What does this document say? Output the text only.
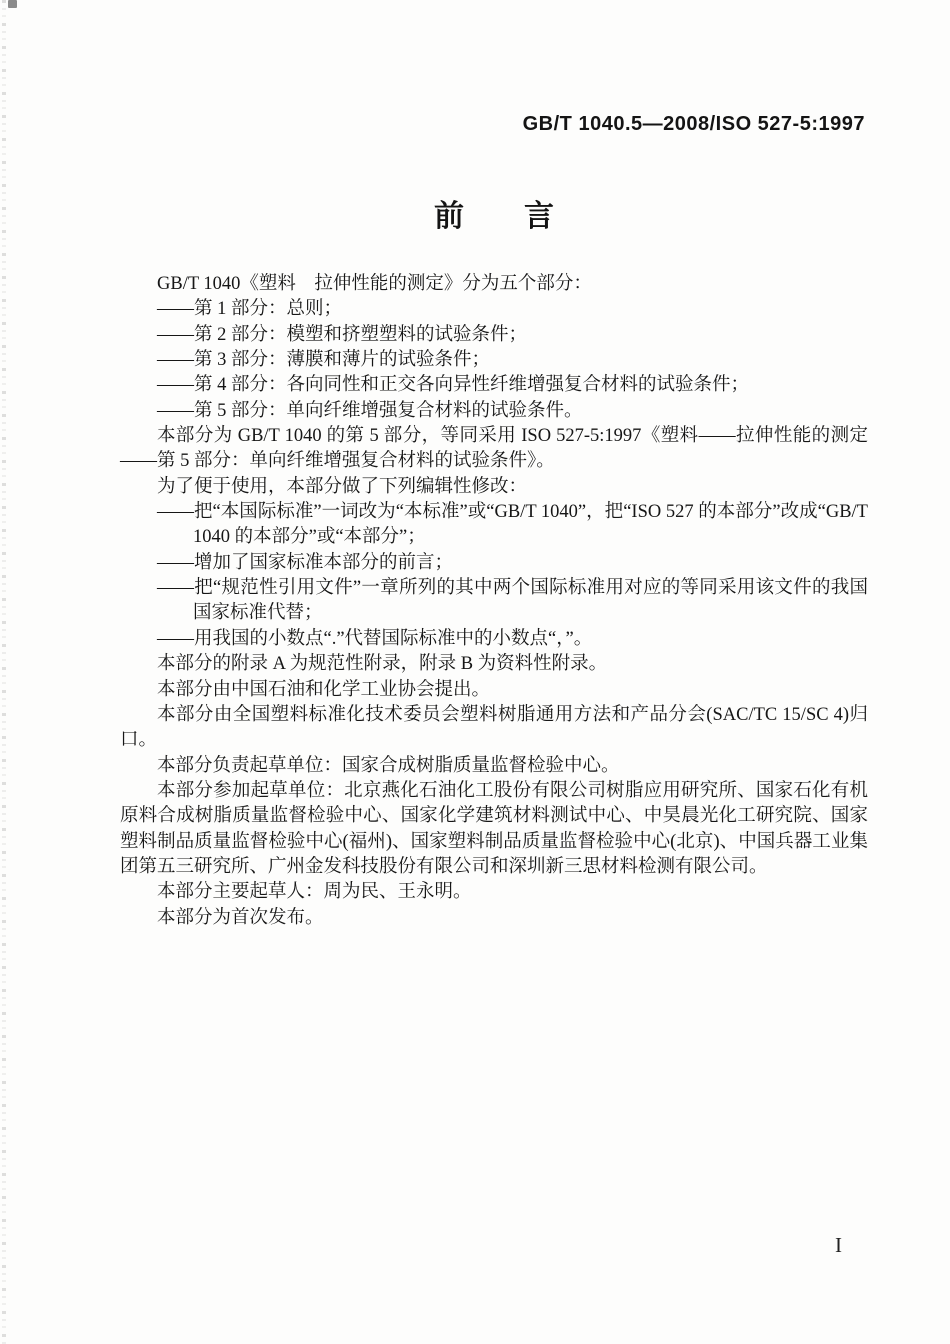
GB/T 1040.5—2008/ISO 527-5:1997
前　　言

GB/T 1040《塑料　拉伸性能的测定》分为五个部分：

——第 1 部分：总则；

——第 2 部分：模塑和挤塑塑料的试验条件；

——第 3 部分：薄膜和薄片的试验条件；

——第 4 部分：各向同性和正交各向异性纤维增强复合材料的试验条件；

——第 5 部分：单向纤维增强复合材料的试验条件。

本部分为 GB/T 1040 的第 5 部分，等同采用 ISO 527-5:1997《塑料——拉伸性能的测定——第 5 部分：单向纤维增强复合材料的试验条件》。

为了便于使用，本部分做了下列编辑性修改：

——把“本国际标准”一词改为“本标准”或“GB/T 1040”，把“ISO 527 的本部分”改成“GB/T 1040 的本部分”或“本部分”；

——增加了国家标准本部分的前言；

——把“规范性引用文件”一章所列的其中两个国际标准用对应的等同采用该文件的我国国家标准代替；

——用我国的小数点“.”代替国际标准中的小数点“，”。

本部分的附录 A 为规范性附录，附录 B 为资料性附录。

本部分由中国石油和化学工业协会提出。

本部分由全国塑料标准化技术委员会塑料树脂通用方法和产品分会(SAC/TC 15/SC 4)归口。

本部分负责起草单位：国家合成树脂质量监督检验中心。

本部分参加起草单位：北京燕化石油化工股份有限公司树脂应用研究所、国家石化有机原料合成树脂质量监督检验中心、国家化学建筑材料测试中心、中昊晨光化工研究院、国家塑料制品质量监督检验中心(福州)、国家塑料制品质量监督检验中心(北京)、中国兵器工业集团第五三研究所、广州金发科技股份有限公司和深圳新三思材料检测有限公司。

本部分主要起草人：周为民、王永明。

本部分为首次发布。

I
